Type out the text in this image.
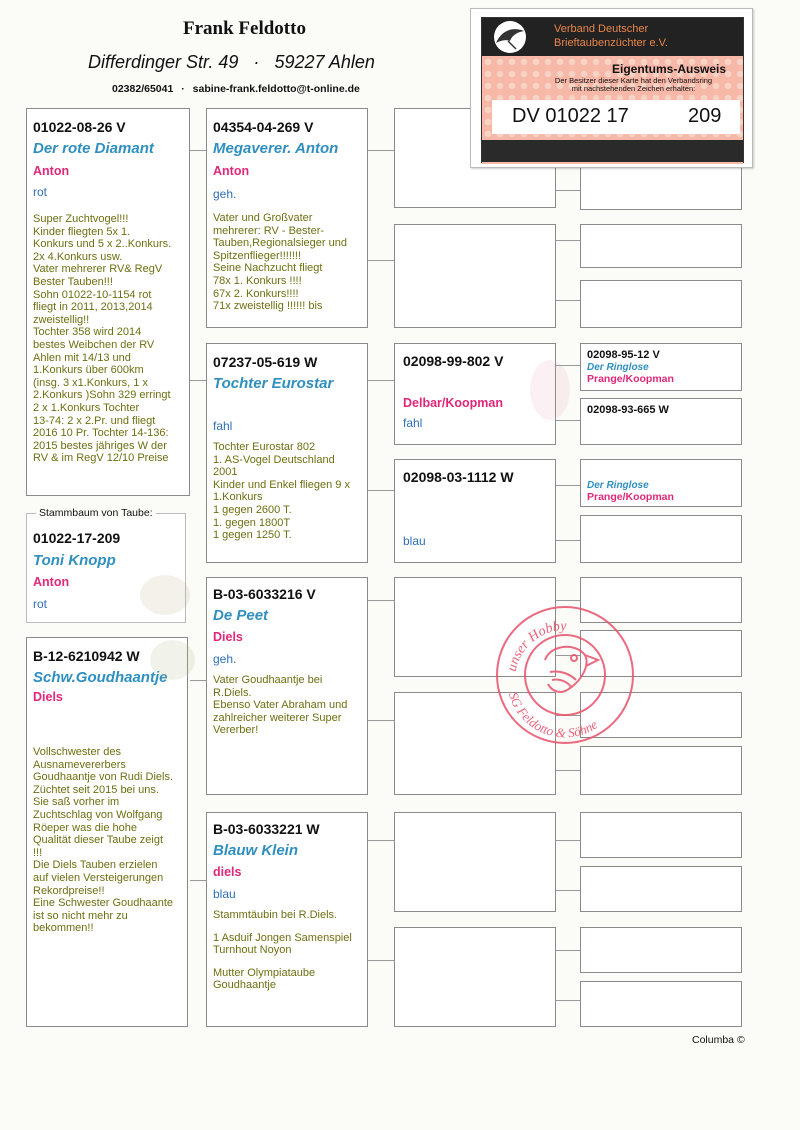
Frank Feldotto
Differdinger Str. 49 · 59227 Ahlen
02382/65041 · sabine-frank.feldotto@t-online.de
01022-08-26 V
Der rote Diamant
Anton
rot
Super Zuchtvogel!!!
Kinder fliegten 5x 1.
Konkurs und 5 x 2..Konkurs.
2x 4.Konkurs usw.
Vater mehrerer RV& RegV
Bester Tauben!!!
Sohn 01022-10-1154 rot
fliegt in 2011, 2013,2014
zweistellig!!
Tochter 358 wird 2014
bestes Weibchen der RV
Ahlen mit 14/13 und
1.Konkurs über 600km
(insg. 3 x1.Konkurs, 1 x
2.Konkurs )Sohn 329 erringt
2 x 1.Konkurs Tochter
13-74: 2 x 2.Pr. und fliegt
2016 10 Pr. Tochter 14-136:
2015 bestes jähriges W der
RV & im RegV 12/10 Preise
Stammbaum von Taube:
01022-17-209
Toni Knopp
Anton
rot
B-12-6210942 W
Schw.Goudhaantje
Diels
Vollschwester des
Ausnamevererbers
Goudhaantje von Rudi Diels.
Züchtet seit 2015 bei uns.
Sie saß vorher im
Zuchtschlag von Wolfgang
Röeper was die hohe
Qualität dieser Taube zeigt
!!!
Die Diels Tauben erzielen
auf vielen Versteigerungen
Rekordpreise!!
Eine Schwester Goudhaante
ist so nicht mehr zu
bekommen!!
04354-04-269 V
Megaverer. Anton
Anton
geh.
Vater und Großvater
mehrerer: RV - Bester-
Tauben,Regionalsieger und
Spitzenflieger!!!!!!!
Seine Nachzucht fliegt
78x 1. Konkurs !!!!
67x 2. Konkurs!!!!
71x zweistellig !!!!!! bis
07237-05-619 W
Tochter Eurostar
fahl
Tochter Eurostar 802
1. AS-Vogel Deutschland
2001
Kinder und Enkel fliegen 9 x
1.Konkurs
1 gegen 2600 T.
1. gegen 1800T
1 gegen 1250 T.
B-03-6033216 V
De Peet
Diels
geh.
Vater Goudhaantje bei
R.Diels.
Ebenso Vater Abraham und
zahlreicher weiterer Super
Vererber!
B-03-6033221 W
Blauw Klein
diels
blau
Stammtäubin bei R.Diels.
1 Asduif Jongen Samenspiel
Turnhout Noyon
Mutter Olympiataube
Goudhaantje
02098-99-802 V
Delbar/Koopman
fahl
02098-03-1112 W
blau
02098-95-12 V
Der Ringlose
Prange/Koopman
02098-93-665 W
Der Ringlose
Prange/Koopman
Columba ©
Verband Deutscher
Brieftaubenzüchter e.V.
Eigentums-Ausweis
Der Besitzer dieser Karte hat den Verbandsring
mit nachstehenden Zeichen erhalten:
DV 01022 17	209
unser Hobby
SG Feldotto & Söhne
